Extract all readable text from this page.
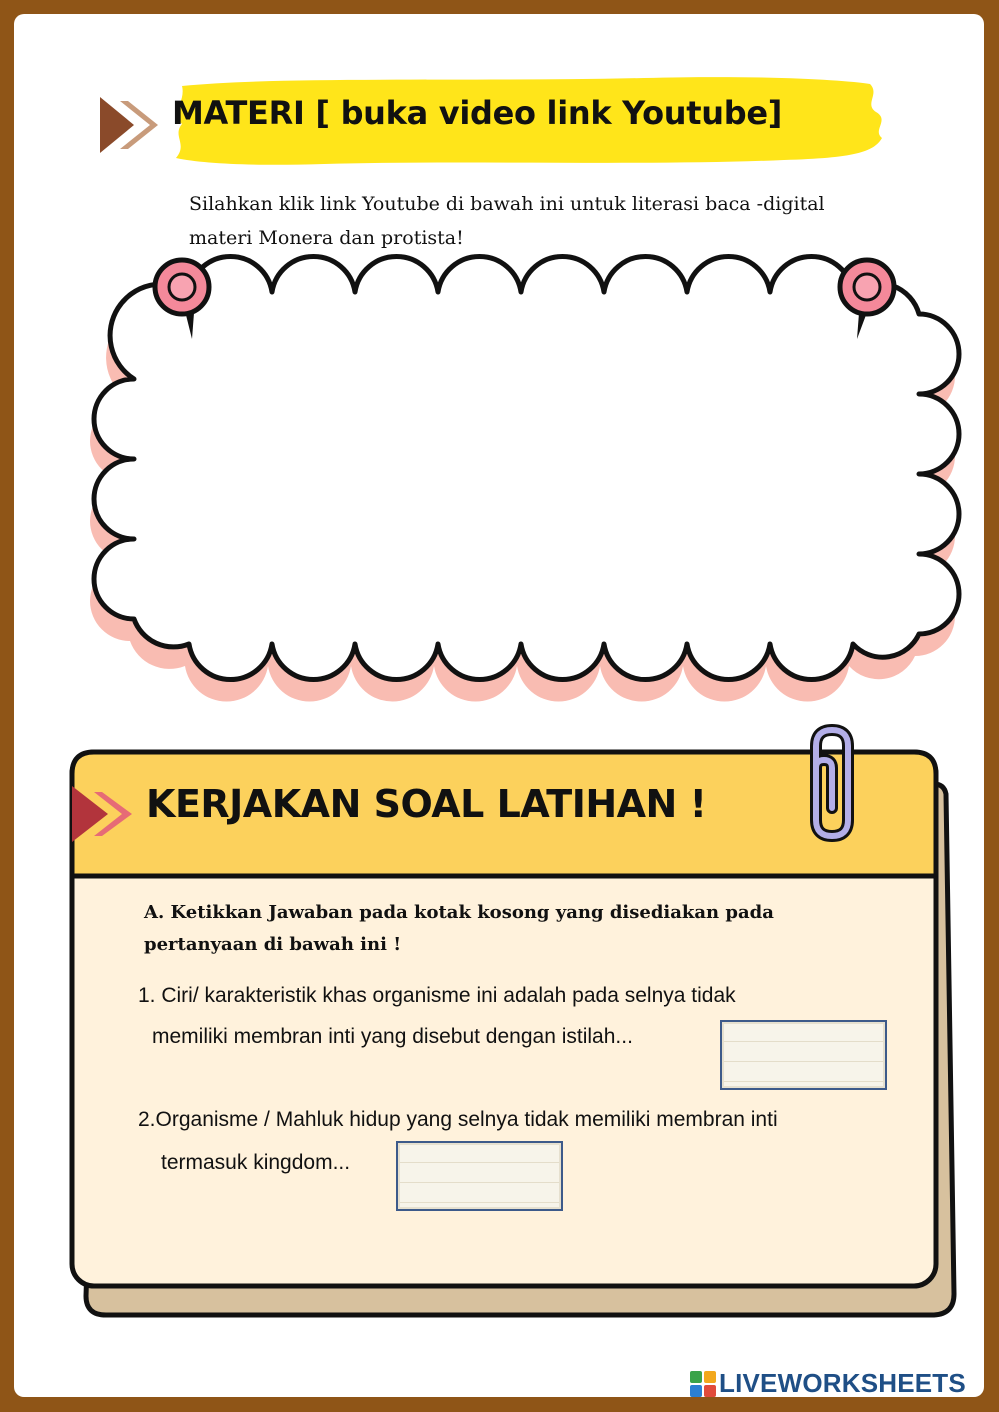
MATERI [ buka video link Youtube]

Silahkan klik link Youtube di bawah ini untuk literasi baca -digital materi Monera dan protista!

KERJAKAN SOAL LATIHAN !

A. Ketikkan Jawaban pada kotak kosong yang disediakan pada pertanyaan di bawah ini !

1. Ciri/ karakteristik khas organisme ini adalah pada selnya tidak

memiliki membran inti yang disebut dengan istilah...

2.Organisme / Mahluk hidup yang selnya tidak memiliki membran inti

termasuk kingdom...

LIVEWORKSHEETS
